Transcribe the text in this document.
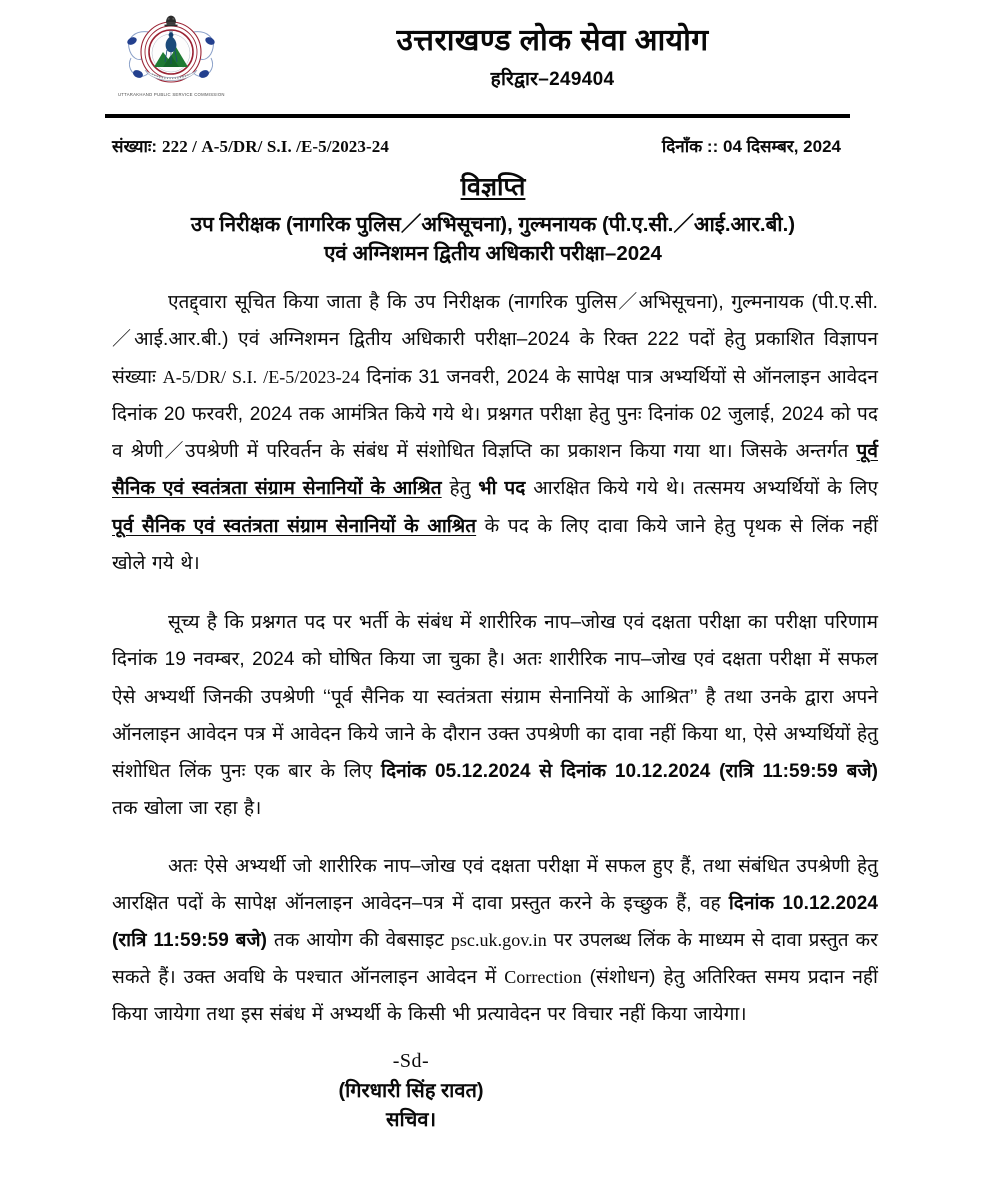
UTTARAKHAND PUBLIC SERVICE COMMISSION
उत्तराखण्ड लोक सेवा आयोग
हरिद्वार–249404
संख्याः: 222 / A-5/DR/ S.I. /E-5/2023-24	दिनाँक :: 04 दिसम्बर, 2024
विज्ञप्ति
उप निरीक्षक (नागरिक पुलिस／अभिसूचना), गुल्मनायक (पी.ए.सी.／आई.आर.बी.)
एवं अग्निशमन द्वितीय अधिकारी परीक्षा–2024

एतद्द्वारा सूचित किया जाता है कि उप निरीक्षक (नागरिक पुलिस／अभिसूचना), गुल्मनायक (पी.ए.सी.／आई.आर.बी.) एवं अग्निशमन द्वितीय अधिकारी परीक्षा–2024 के रिक्त 222 पदों हेतु प्रकाशित विज्ञापन संख्याः A-5/DR/ S.I. /E-5/2023-24 दिनांक 31 जनवरी, 2024 के सापेक्ष पात्र अभ्यर्थियों से ऑनलाइन आवेदन दिनांक 20 फरवरी, 2024 तक आमंत्रित किये गये थे। प्रश्नगत परीक्षा हेतु पुनः दिनांक 02 जुलाई, 2024 को पद व श्रेणी／उपश्रेणी में परिवर्तन के संबंध में संशोधित विज्ञप्ति का प्रकाशन किया गया था। जिसके अन्तर्गत पूर्व सैनिक एवं स्वतंत्रता संग्राम सेनानियों के आश्रित हेतु भी पद आरक्षित किये गये थे। तत्समय अभ्यर्थियों के लिए पूर्व सैनिक एवं स्वतंत्रता संग्राम सेनानियों के आश्रित के पद के लिए दावा किये जाने हेतु पृथक से लिंक नहीं खोले गये थे।

सूच्य है कि प्रश्नगत पद पर भर्ती के संबंध में शारीरिक नाप–जोख एवं दक्षता परीक्षा का परीक्षा परिणाम दिनांक 19 नवम्बर, 2024 को घोषित किया जा चुका है। अतः शारीरिक नाप–जोख एवं दक्षता परीक्षा में सफल ऐसे अभ्यर्थी जिनकी उपश्रेणी ‘‘पूर्व सैनिक या स्वतंत्रता संग्राम सेनानियों के आश्रित’’ है तथा उनके द्वारा अपने ऑनलाइन आवेदन पत्र में आवेदन किये जाने के दौरान उक्त उपश्रेणी का दावा नहीं किया था, ऐसे अभ्यर्थियों हेतु संशोधित लिंक पुनः एक बार के लिए दिनांक 05.12.2024 से दिनांक 10.12.2024 (रात्रि 11:59:59 बजे) तक खोला जा रहा है।

अतः ऐसे अभ्यर्थी जो शारीरिक नाप–जोख एवं दक्षता परीक्षा में सफल हुए हैं, तथा संबंधित उपश्रेणी हेतु आरक्षित पदों के सापेक्ष ऑनलाइन आवेदन–पत्र में दावा प्रस्तुत करने के इच्छुक हैं, वह दिनांक 10.12.2024 (रात्रि 11:59:59 बजे) तक आयोग की वेबसाइट psc.uk.gov.in पर उपलब्ध लिंक के माध्यम से दावा प्रस्तुत कर सकते हैं। उक्त अवधि के पश्चात ऑनलाइन आवेदन में Correction (संशोधन) हेतु अतिरिक्त समय प्रदान नहीं किया जायेगा तथा इस संबंध में अभ्यर्थी के किसी भी प्रत्यावेदन पर विचार नहीं किया जायेगा।

-Sd-
(गिरधारी सिंह रावत)
सचिव।
